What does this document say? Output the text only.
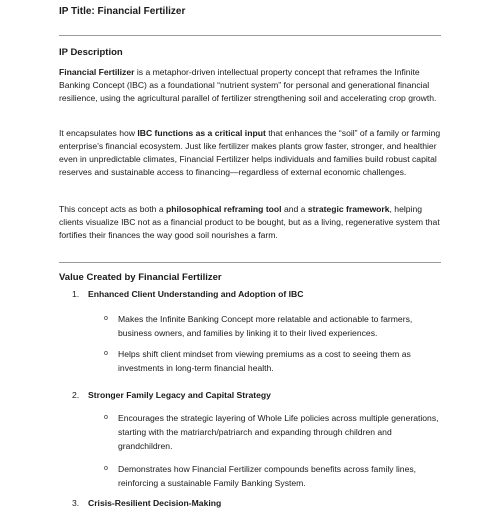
IP Title: Financial Fertilizer
IP Description

Financial Fertilizer is a metaphor-driven intellectual property concept that reframes the Infinite Banking Concept (IBC) as a foundational “nutrient system” for personal and generational financial resilience, using the agricultural parallel of fertilizer strengthening soil and accelerating crop growth.

It encapsulates how IBC functions as a critical input that enhances the “soil” of a family or farming enterprise's financial ecosystem. Just like fertilizer makes plants grow faster, stronger, and healthier even in unpredictable climates, Financial Fertilizer helps individuals and families build robust capital reserves and sustainable access to financing—regardless of external economic challenges.

This concept acts as both a philosophical reframing tool and a strategic framework, helping clients visualize IBC not as a financial product to be bought, but as a living, regenerative system that fortifies their finances the way good soil nourishes a farm.

Value Created by Financial Fertilizer
1. Enhanced Client Understanding and Adoption of IBC
o Makes the Infinite Banking Concept more relatable and actionable to farmers, business owners, and families by linking it to their lived experiences.
o Helps shift client mindset from viewing premiums as a cost to seeing them as investments in long-term financial health.
2. Stronger Family Legacy and Capital Strategy
o Encourages the strategic layering of Whole Life policies across multiple generations, starting with the matriarch/patriarch and expanding through children and grandchildren.
o Demonstrates how Financial Fertilizer compounds benefits across family lines, reinforcing a sustainable Family Banking System.
3. Crisis-Resilient Decision-Making
